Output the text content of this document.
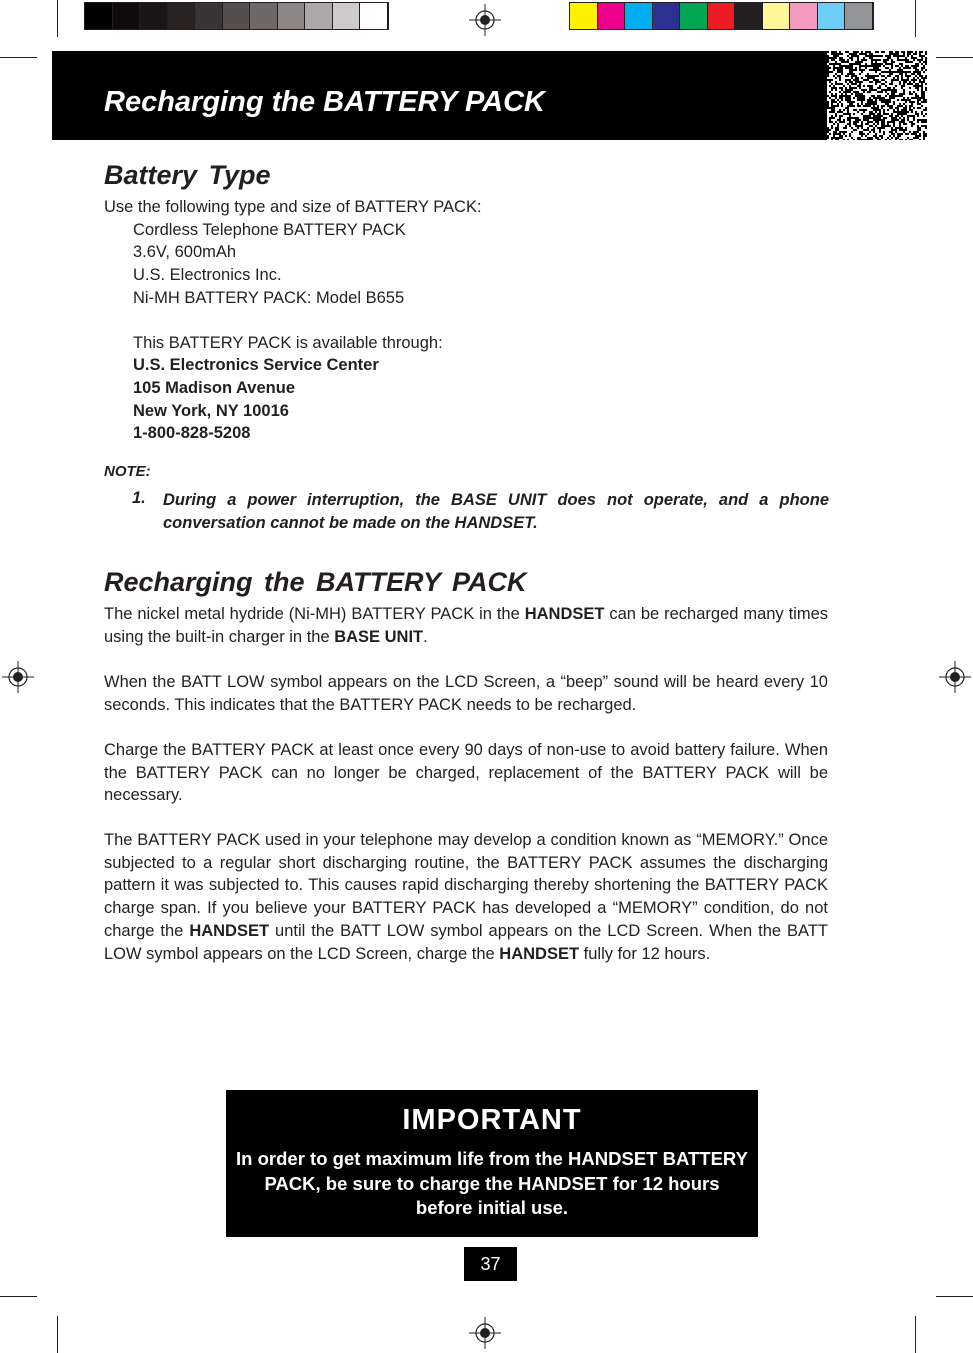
Recharging the BATTERY PACK
Battery Type
Use the following type and size of BATTERY PACK:
Cordless Telephone BATTERY PACK
3.6V, 600mAh
U.S. Electronics Inc.
Ni-MH BATTERY PACK: Model B655
This BATTERY PACK is available through:
U.S. Electronics Service Center
105 Madison Avenue
New York, NY 10016
1-800-828-5208
NOTE:
1. During a power interruption, the BASE UNIT does not operate, and a phone conversation cannot be made on the HANDSET.
Recharging the BATTERY PACK
The nickel metal hydride (Ni-MH) BATTERY PACK in the HANDSET can be recharged many times using the built-in charger in the BASE UNIT.
When the BATT LOW symbol appears on the LCD Screen, a “beep” sound will be heard every 10 seconds. This indicates that the BATTERY PACK needs to be recharged.
Charge the BATTERY PACK at least once every 90 days of non-use to avoid battery failure. When the BATTERY PACK can no longer be charged, replacement of the BATTERY PACK will be necessary.
The BATTERY PACK used in your telephone may develop a condition known as “MEMORY.” Once subjected to a regular short discharging routine, the BATTERY PACK assumes the discharging pattern it was subjected to. This causes rapid discharging thereby shortening the BATTERY PACK charge span. If you believe your BATTERY PACK has developed a “MEMORY” condition, do not charge the HANDSET until the BATT LOW symbol appears on the LCD Screen. When the BATT LOW symbol appears on the LCD Screen, charge the HANDSET fully for 12 hours.
IMPORTANT
In order to get maximum life from the HANDSET BATTERY PACK, be sure to charge the HANDSET for 12 hours before initial use.
37
